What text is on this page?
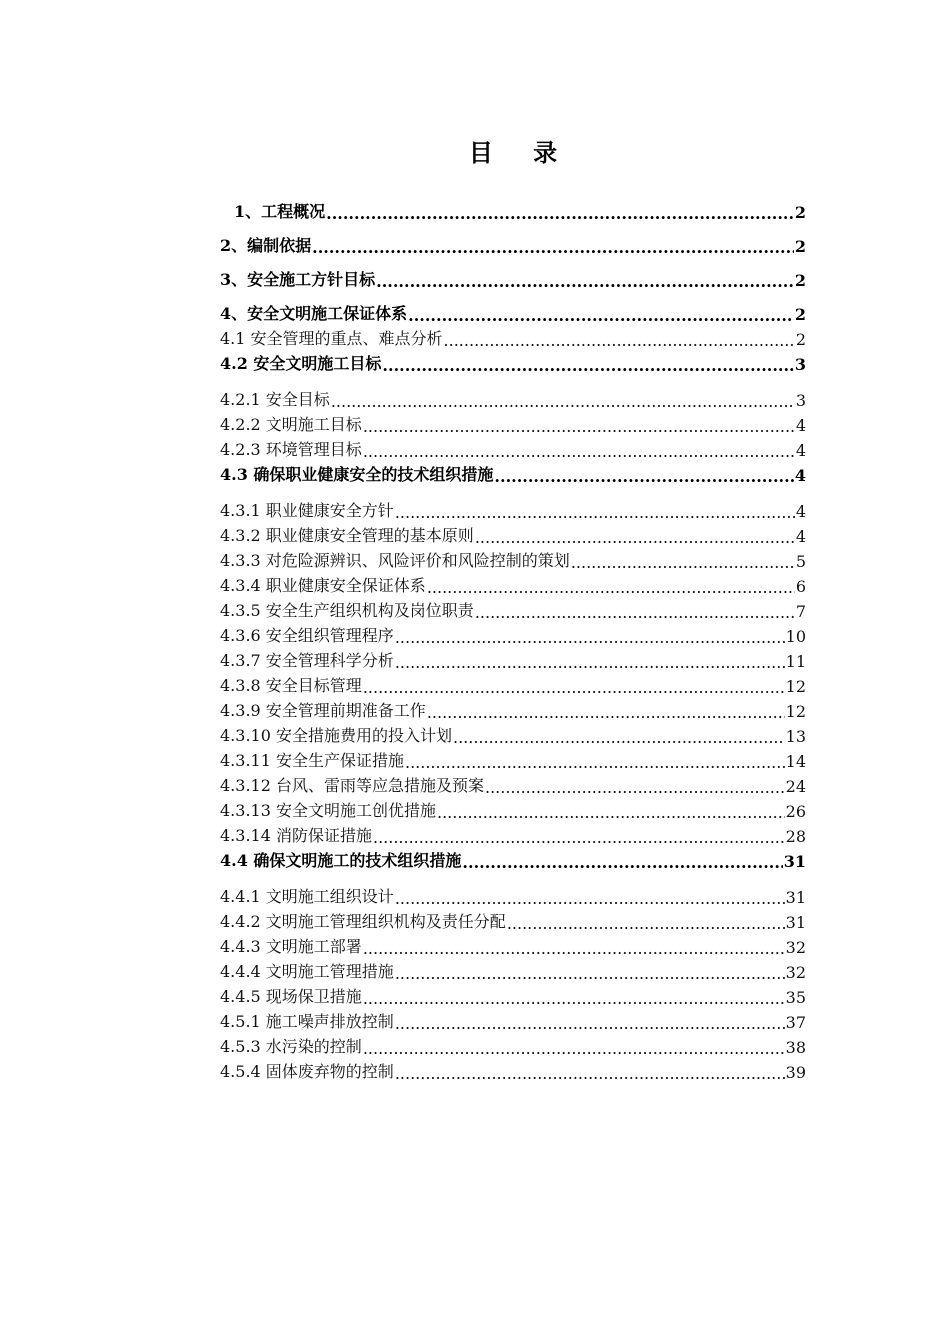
目 录
1、工程概况 .....	2
2、编制依据 .....	2
3、安全施工方针目标 .....	2
4、安全文明施工保证体系 .....	2
4.1 安全管理的重点、难点分析 .....	2
4.2 安全文明施工目标 .....	3
4.2.1 安全目标 .....	3
4.2.2 文明施工目标 .....	4
4.2.3 环境管理目标 .....	4
4.3 确保职业健康安全的技术组织措施 .....	4
4.3.1 职业健康安全方针 .....	4
4.3.2 职业健康安全管理的基本原则 .....	4
4.3.3 对危险源辨识、风险评价和风险控制的策划 .....	5
4.3.4 职业健康安全保证体系 .....	6
4.3.5 安全生产组织机构及岗位职责 .....	7
4.3.6 安全组织管理程序 .....	10
4.3.7 安全管理科学分析 .....	11
4.3.8 安全目标管理 .....	12
4.3.9 安全管理前期准备工作 .....	12
4.3.10 安全措施费用的投入计划 .....	13
4.3.11 安全生产保证措施 .....	14
4.3.12 台风、雷雨等应急措施及预案 .....	24
4.3.13 安全文明施工创优措施 .....	26
4.3.14 消防保证措施 .....	28
4.4 确保文明施工的技术组织措施 .....	31
4.4.1 文明施工组织设计 .....	31
4.4.2 文明施工管理组织机构及责任分配 .....	31
4.4.3 文明施工部署 .....	32
4.4.4 文明施工管理措施 .....	32
4.4.5 现场保卫措施 .....	35
4.5.1 施工噪声排放控制 .....	37
4.5.3 水污染的控制 .....	38
4.5.4 固体废弃物的控制 .....	39
